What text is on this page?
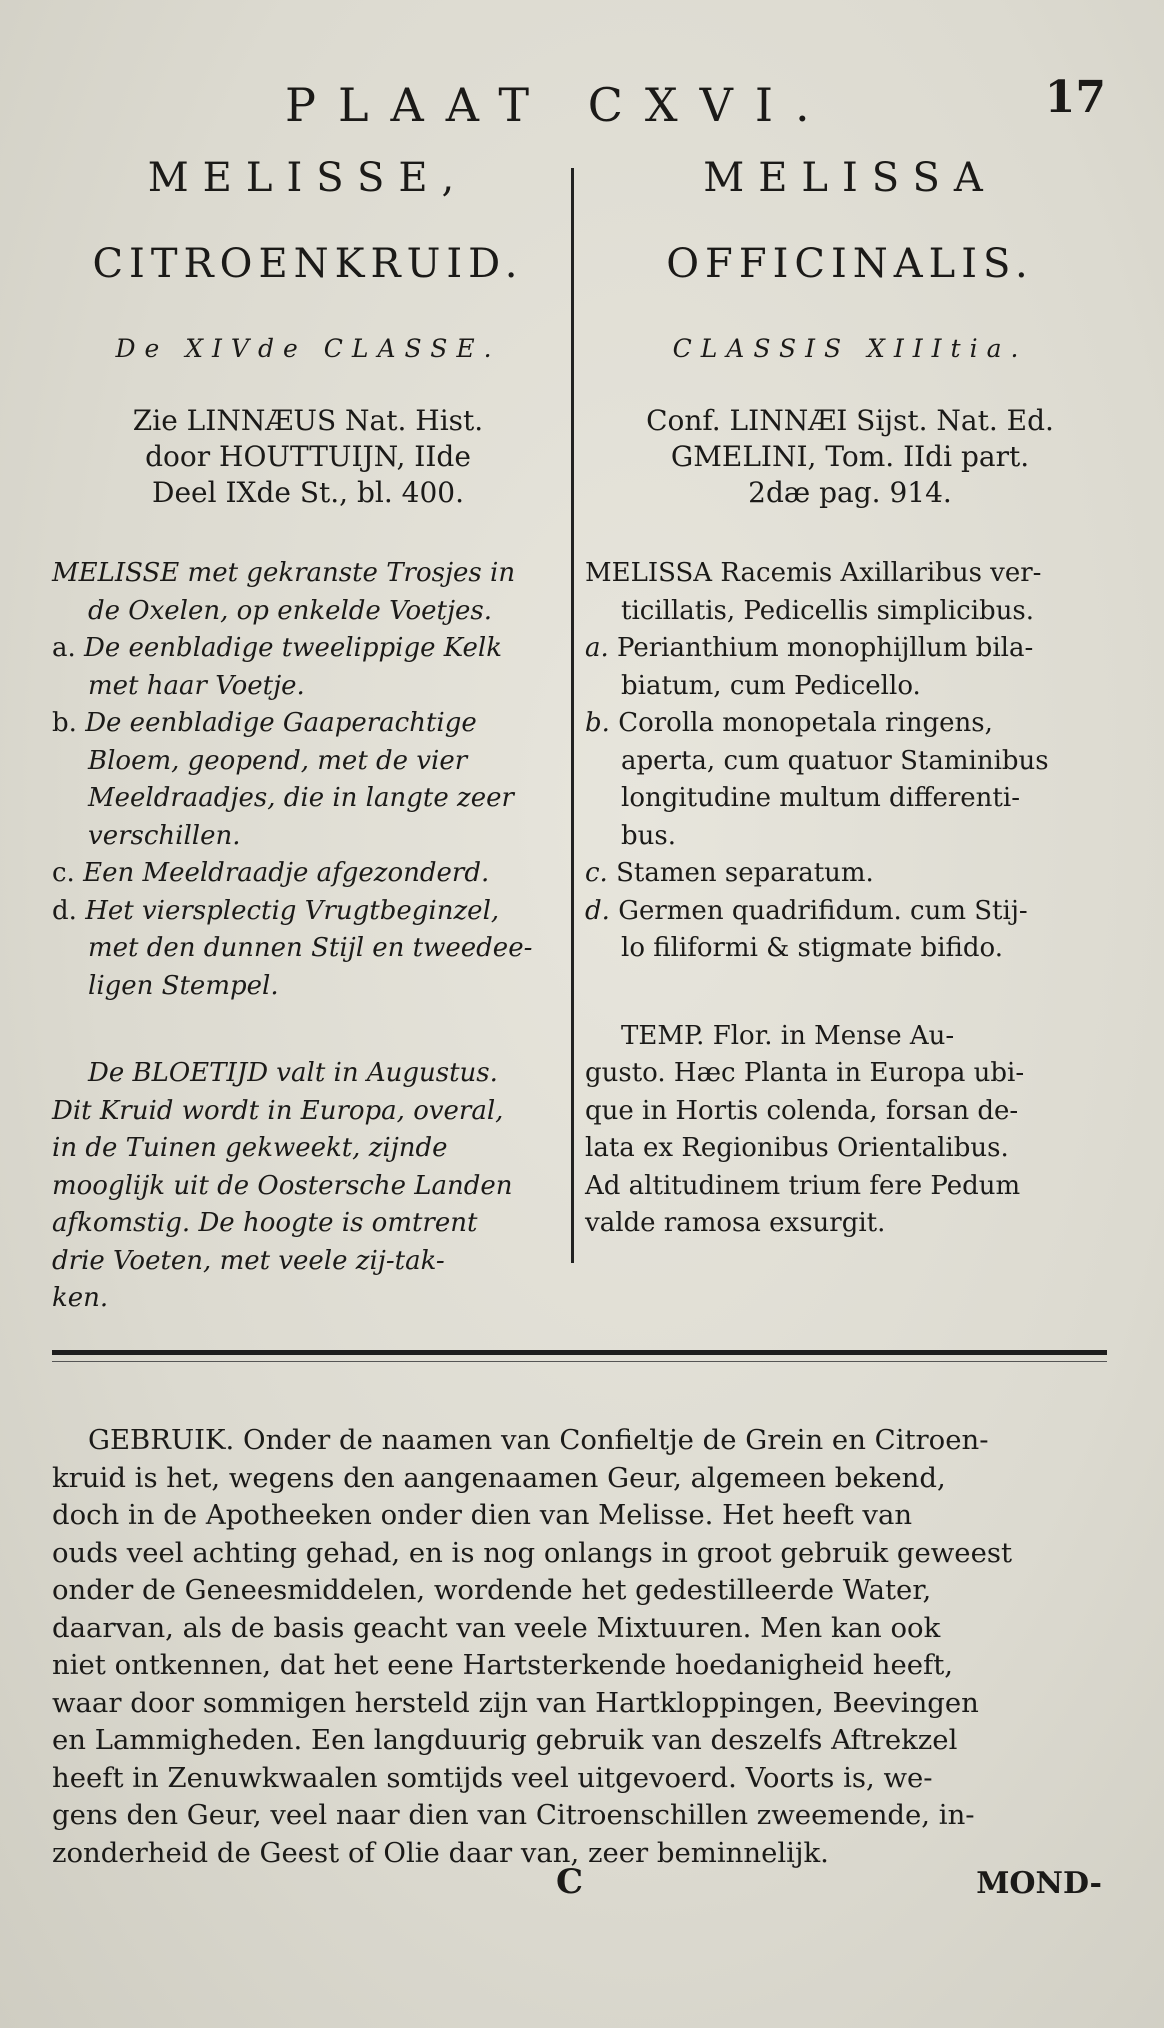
PLAAT CXVI.	17
MELISSE,
CITROENKRUID.
De XIVde CLASSE.
Zie LINNÆUS Nat. Hist.
door HOUTTUIJN, IIde
Deel IXde St., bl. 400.

MELISSE met gekranste Trosjes in

de Oxelen, op enkelde Voetjes.

a. De eenbladige tweelippige Kelk

met haar Voetje.

b. De eenbladige Gaaperachtige

Bloem, geopend, met de vier

Meeldraadjes, die in langte zeer

verschillen.

c. Een Meeldraadje afgezonderd.

d. Het viersplectig Vrugtbeginzel,

met den dunnen Stijl en tweedee-

ligen Stempel.

De BLOETIJD valt in Augustus.

Dit Kruid wordt in Europa, overal,

in de Tuinen gekweekt, zijnde

mooglijk uit de Oostersche Landen

afkomstig. De hoogte is omtrent

drie Voeten, met veele zij-tak-

ken.

MELISSA
OFFICINALIS.
CLASSIS XIIItia.
Conf. LINNÆI Sijst. Nat. Ed.
GMELINI, Tom. IIdi part.
2dæ pag. 914.

MELISSA Racemis Axillaribus ver-

ticillatis, Pedicellis simplicibus.

a. Perianthium monophijllum bila-

biatum, cum Pedicello.

b. Corolla monopetala ringens,

aperta, cum quatuor Staminibus

longitudine multum differenti-

bus.

c. Stamen separatum.

d. Germen quadrifidum. cum Stij-

lo filiformi & stigmate bifido.

TEMP. Flor. in Mense Au-

gusto. Hæc Planta in Europa ubi-

que in Hortis colenda, forsan de-

lata ex Regionibus Orientalibus.

Ad altitudinem trium fere Pedum

valde ramosa exsurgit.

GEBRUIK. Onder de naamen van Confieltje de Grein en Citroen-

kruid is het, wegens den aangenaamen Geur, algemeen bekend,

doch in de Apotheeken onder dien van Melisse. Het heeft van

ouds veel achting gehad, en is nog onlangs in groot gebruik geweest

onder de Geneesmiddelen, wordende het gedestilleerde Water,

daarvan, als de basis geacht van veele Mixtuuren. Men kan ook

niet ontkennen, dat het eene Hartsterkende hoedanigheid heeft,

waar door sommigen hersteld zijn van Hartkloppingen, Beevingen

en Lammigheden. Een langduurig gebruik van deszelfs Aftrekzel

heeft in Zenuwkwaalen somtijds veel uitgevoerd. Voorts is, we-

gens den Geur, veel naar dien van Citroenschillen zweemende, in-

zonderheid de Geest of Olie daar van, zeer beminnelijk.

C	MOND-
